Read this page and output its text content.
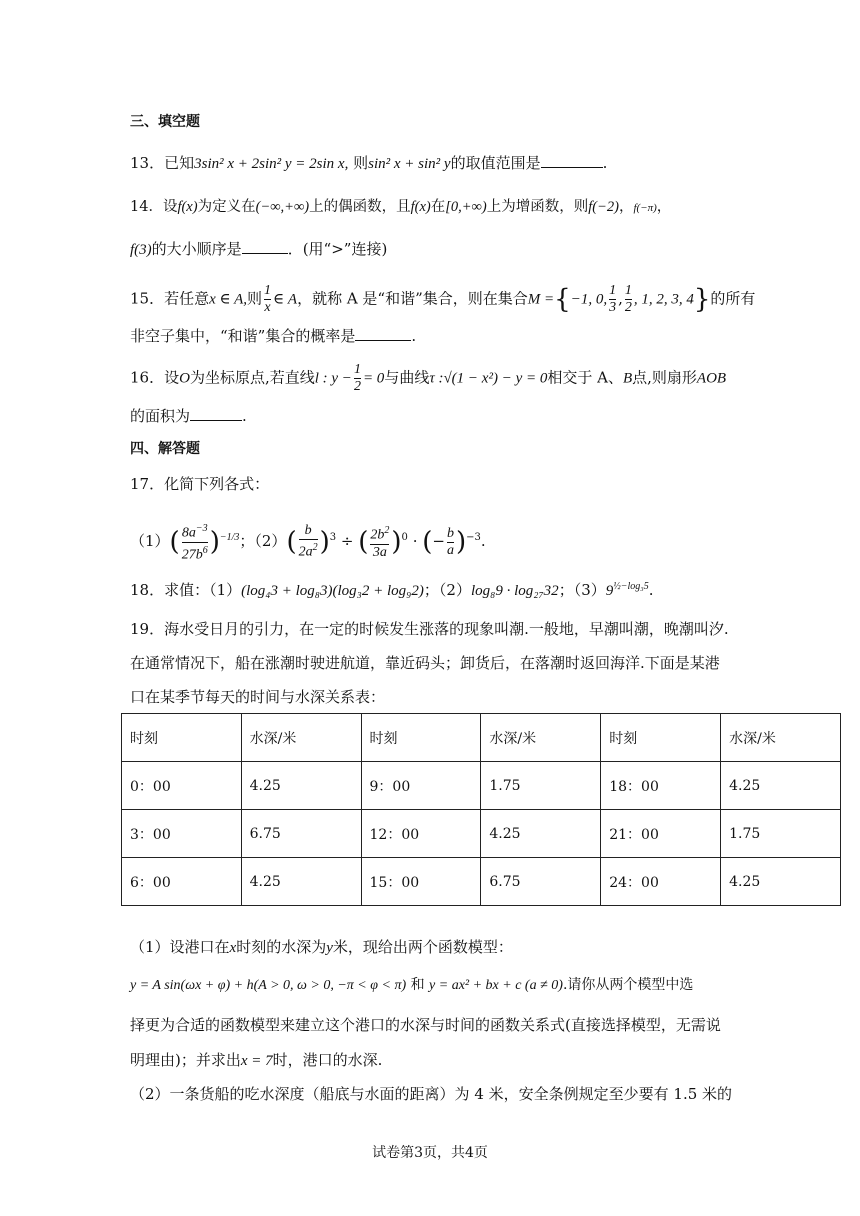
三、填空题
13．已知3sin² x + 2sin² y = 2sin x, 则sin² x + sin² y的取值范围是	.
14．设f(x)为定义在(−∞,+∞)上的偶函数，且f(x)在[0,+∞)上为增函数，则f(−2)，f(−π)，
f(3)的大小顺序是	．(用“>”连接)
15．若任意x ∈ A,则 $\frac{1}{x}$ ∈ A，就称 A 是“和谐”集合，则在集合M ={−1, 0, $\frac{1}{3}$ , $\frac{1}{2}$ , 1, 2, 3, 4}的所有
非空子集中，“和谐”集合的概率是	.
16．设O为坐标原点,若直线l : $y - \frac{1}{2} = 0$与曲线τ :√(1 − x²) − y = 0相交于 A、B点,则扇形AOB
的面积为	.
四、解答题
17．化简下列各式：
$(1)( \frac{8a^{-3}}{27b^6} )^{-1/3}$；$(2)( \frac{b}{2a^2} )^3$ ÷ ( $\frac{2b^2}{3a} )^0$ · (− $\frac{b}{a} )^{-3}$.
18．求值：（1）(log₄3 + log₈3)(log₃2 + log₉2)；（2）log₈9 · log₂₇32；$(3)9^{\frac{1}{2}-log_35}$.
19．海水受日月的引力，在一定的时候发生涨落的现象叫潮.一般地，早潮叫潮，晚潮叫汐.
在通常情况下，船在涨潮时驶进航道，靠近码头；卸货后，在落潮时返回海洋.下面是某港
口在某季节每天的时间与水深关系表：
时刻	水深/米	时刻	水深/米	时刻	水深/米
0：00	4.25	9：00	1.75	18：00	4.25
3：00	6.75	12：00	4.25	21：00	1.75
6：00	4.25	15：00	6.75	24：00	4.25
（1）设港口在x时刻的水深为y米，现给出两个函数模型：
y = A sin(ωx + φ) + h(A > 0, ω > 0, −π < φ < π) 和 y = ax² + bx + c (a ≠ 0).请你从两个模型中选
择更为合适的函数模型来建立这个港口的水深与时间的函数关系式(直接选择模型，无需说
明理由)；并求出x = 7时，港口的水深.
（2）一条货船的吃水深度（船底与水面的距离）为 4 米，安全条例规定至少要有 1.5 米的
试卷第3页，共4页
